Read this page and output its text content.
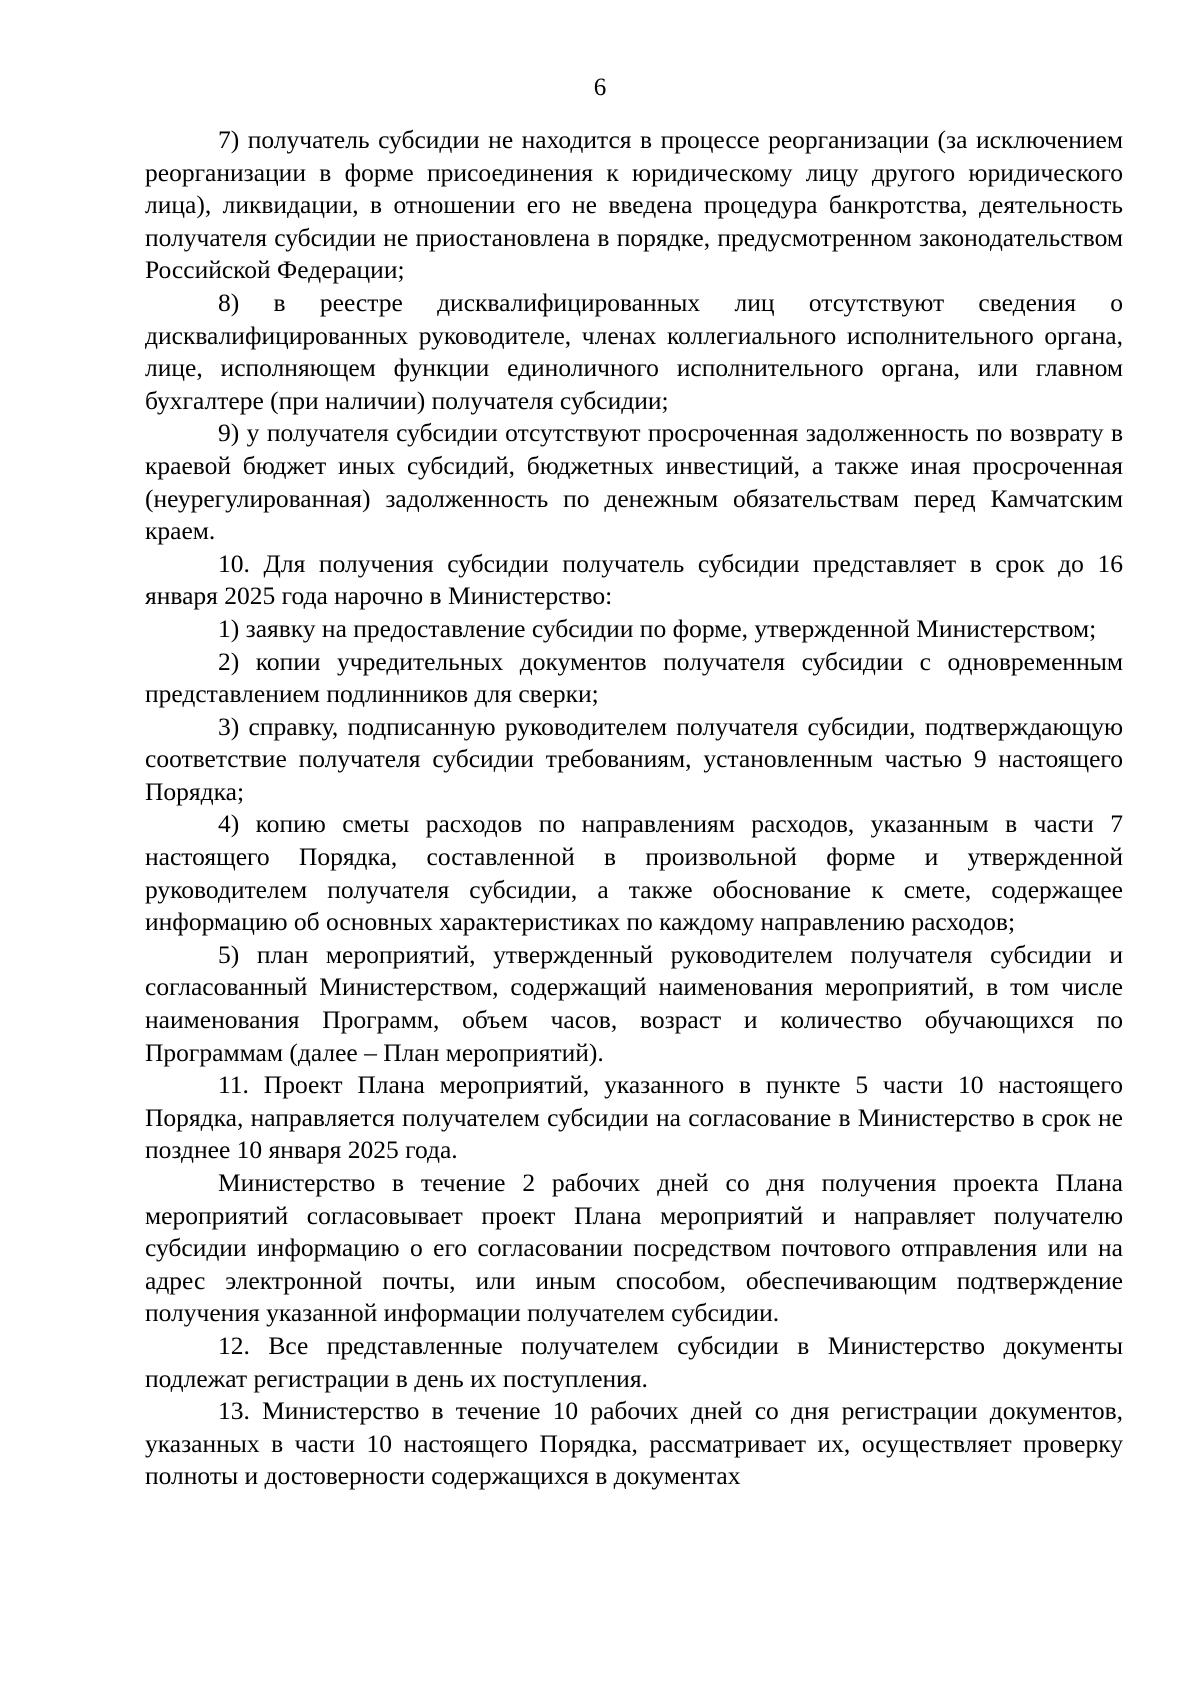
6

7) получатель субсидии не находится в процессе реорганизации (за исключением реорганизации в форме присоединения к юридическому лицу другого юридического лица), ликвидации, в отношении его не введена процедура банкротства, деятельность получателя субсидии не приостановлена в порядке, предусмотренном законодательством Российской Федерации;

8) в реестре дисквалифицированных лиц отсутствуют сведения о дисквалифицированных руководителе, членах коллегиального исполнительного органа, лице, исполняющем функции единоличного исполнительного органа, или главном бухгалтере (при наличии) получателя субсидии;

9) у получателя субсидии отсутствуют просроченная задолженность по возврату в краевой бюджет иных субсидий, бюджетных инвестиций, а также иная просроченная (неурегулированная) задолженность по денежным обязательствам перед Камчатским краем.

10. Для получения субсидии получатель субсидии представляет в срок до 16 января 2025 года нарочно в Министерство:

1) заявку на предоставление субсидии по форме, утвержденной Министерством;

2) копии учредительных документов получателя субсидии с одновременным представлением подлинников для сверки;

3) справку, подписанную руководителем получателя субсидии, подтверждающую соответствие получателя субсидии требованиям, установленным частью 9 настоящего Порядка;

4) копию сметы расходов по направлениям расходов, указанным в части 7 настоящего Порядка, составленной в произвольной форме и утвержденной руководителем получателя субсидии, а также обоснование к смете, содержащее информацию об основных характеристиках по каждому направлению расходов;

5) план мероприятий, утвержденный руководителем получателя субсидии и согласованный Министерством, содержащий наименования мероприятий, в том числе наименования Программ, объем часов, возраст и количество обучающихся по Программам (далее – План мероприятий).

11. Проект Плана мероприятий, указанного в пункте 5 части 10 настоящего Порядка, направляется получателем субсидии на согласование в Министерство в срок не позднее 10 января 2025 года.

Министерство в течение 2 рабочих дней со дня получения проекта Плана мероприятий согласовывает проект Плана мероприятий и направляет получателю субсидии информацию о его согласовании посредством почтового отправления или на адрес электронной почты, или иным способом, обеспечивающим подтверждение получения указанной информации получателем субсидии.

12. Все представленные получателем субсидии в Министерство документы подлежат регистрации в день их поступления.

13. Министерство в течение 10 рабочих дней со дня регистрации документов, указанных в части 10 настоящего Порядка, рассматривает их, осуществляет проверку полноты и достоверности содержащихся в документах
